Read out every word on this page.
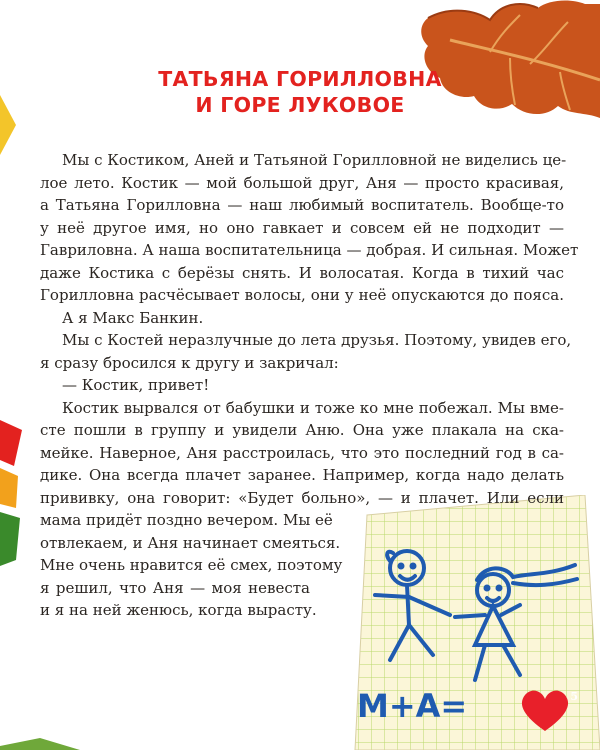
М+А=	5
ТАТЬЯНА ГОРИЛЛОВНА
И ГОРЕ ЛУКОВОЕ
Мы с Костиком, Аней и Татьяной Горилловной не виделись це-
лое лето. Костик — мой большой друг, Аня — просто красивая,
а Татьяна Горилловна — наш любимый воспитатель. Вообще-то
у неё другое имя, но оно гавкает и совсем ей не подходит —
Гавриловна. А наша воспитательница — добрая. И сильная. Может
даже Костика с берёзы снять. И волосатая. Когда в тихий час
Горилловна расчёсывает волосы, они у неё опускаются до пояса.
А я Макс Банкин.
Мы с Костей неразлучные до лета друзья. Поэтому, увидев его,
я сразу бросился к другу и закричал:
— Костик, привет!
Костик вырвался от бабушки и тоже ко мне побежал. Мы вме-
сте пошли в группу и увидели Аню. Она уже плакала на ска-
мейке. Наверное, Аня расстроилась, что это последний год в са-
дике. Она всегда плачет заранее. Например, когда надо делать
прививку, она говорит: «Будет больно», — и плачет. Или если
мама придёт поздно вечером. Мы её
отвлекаем, и Аня начинает смеяться.
Мне очень нравится её смех, поэтому
я решил, что Аня — моя невеста
и я на ней женюсь, когда вырасту.
